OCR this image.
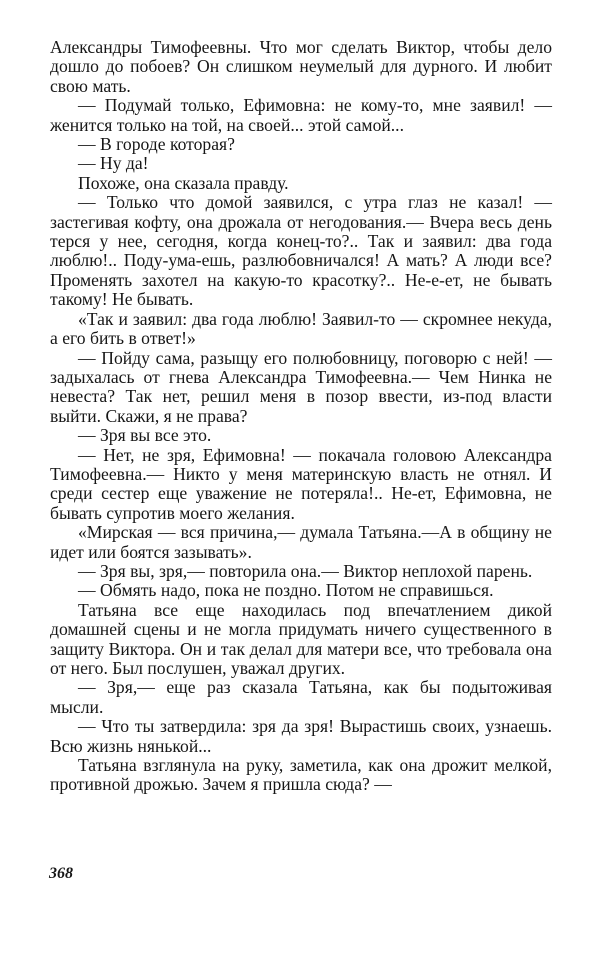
Александры Тимофеевны. Что мог сделать Виктор, чтобы дело дошло до побоев? Он слишком неумелый для дурного. И любит свою мать.

— Подумай только, Ефимовна: не кому-то, мне заявил! — женится только на той, на своей... этой самой...

— В городе которая?

— Ну да!

Похоже, она сказала правду.

— Только что домой заявился, с утра глаз не казал! — застегивая кофту, она дрожала от негодования.— Вчера весь день терся у нее, сегодня, когда конец-то?.. Так и заявил: два года люблю!.. Поду-ума-ешь, разлюбовничался! А мать? А люди все? Променять захотел на какую-то красотку?.. Не-е-ет, не бывать такому! Не бывать.

«Так и заявил: два года люблю! Заявил-то — скромнее некуда, а его бить в ответ!»

— Пойду сама, разыщу его полюбовницу, поговорю с ней! — задыхалась от гнева Александра Тимофеевна.— Чем Нинка не невеста? Так нет, решил меня в позор ввести, из-под власти выйти. Скажи, я не права?

— Зря вы все это.

— Нет, не зря, Ефимовна! — покачала головою Александра Тимофеевна.— Никто у меня материнскую власть не отнял. И среди сестер еще уважение не потеряла!.. Не-ет, Ефимовна, не бывать супротив моего желания.

«Мирская — вся причина,— думала Татьяна.—А в общину не идет или боятся зазывать».

— Зря вы, зря,— повторила она.— Виктор неплохой парень.

— Обмять надо, пока не поздно. Потом не справишься.

Татьяна все еще находилась под впечатлением дикой домашней сцены и не могла придумать ничего существенного в защиту Виктора. Он и так делал для матери все, что требовала она от него. Был послушен, уважал других.

— Зря,— еще раз сказала Татьяна, как бы подытоживая мысли.

— Что ты затвердила: зря да зря! Вырастишь своих, узнаешь. Всю жизнь нянькой...

Татьяна взглянула на руку, заметила, как она дрожит мелкой, противной дрожью. Зачем я пришла сюда? —

368
